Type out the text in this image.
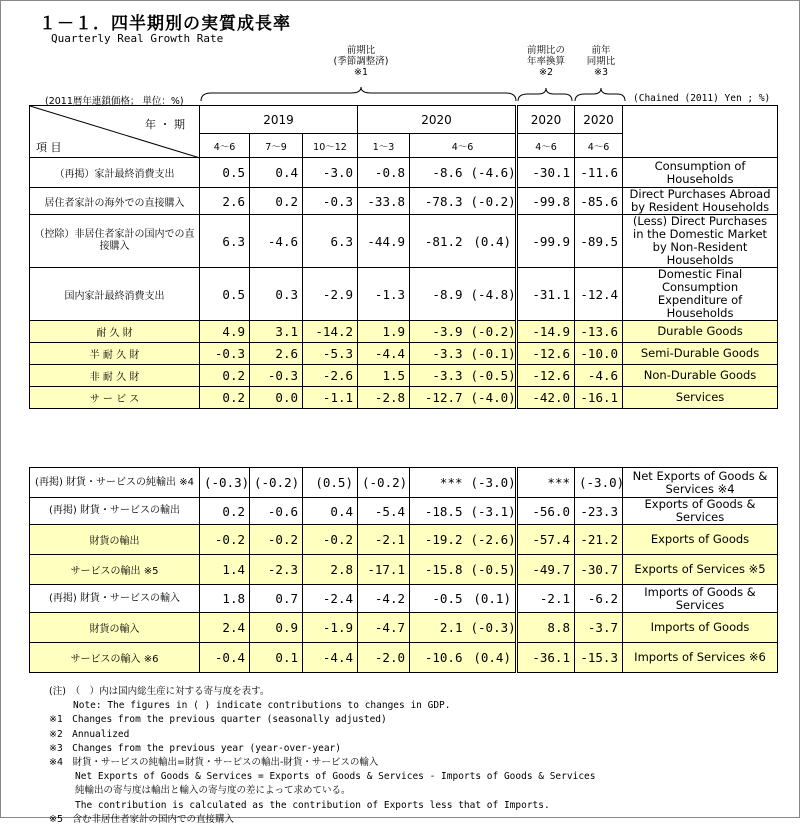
１－１．四半期別の実質成長率
Quarterly Real Growth Rate
前期比
(季節調整済)
※1
前期比の
年率換算
※2
前年
同期比
※3
(2011暦年連鎖価格； 単位：%)	(Chained (2011) Yen ; %)
年 ・ 期
項 目	2019			2020			2020	2020	
	4～6	7～9	10～12	1～3	4～6		4～6	4～6	
（再掲）家計最終消費支出	0.5	0.4	-3.0	-0.8	-8.6	(-4.6)	-30.1	-11.6	Consumption of Households
居住者家計の海外での直接購入	2.6	0.2	-0.3	-33.8	-78.3	(-0.2)	-99.8	-85.6	Direct Purchases Abroad by Resident Households
（控除）非居住者家計の国内での直接購入	6.3	-4.6	6.3	-44.9	-81.2	(0.4)	-99.9	-89.5	(Less) Direct Purchases in the Domestic Market by Non-Resident Households
国内家計最終消費支出	0.5	0.3	-2.9	-1.3	-8.9	(-4.8)	-31.1	-12.4	Domestic Final Consumption Expenditure of Households
耐 久 財	4.9	3.1	-14.2	1.9	-3.9	(-0.2)	-14.9	-13.6	Durable Goods
半 耐 久 財	-0.3	2.6	-5.3	-4.4	-3.3	(-0.1)	-12.6	-10.0	Semi-Durable Goods
非 耐 久 財	0.2	-0.3	-2.6	1.5	-3.3	(-0.5)	-12.6	-4.6	Non-Durable Goods
サ ー ビ ス	0.2	0.0	-1.1	-2.8	-12.7	(-4.0)	-42.0	-16.1	Services
(再掲) 財貨・サービスの純輸出 ※4	(-0.3)	(-0.2)	(0.5)	(-0.2)	***	(-3.0)	***	(-3.0)	Net Exports of Goods & Services ※4
(再掲) 財貨・サービスの輸出	0.2	-0.6	0.4	-5.4	-18.5	(-3.1)	-56.0	-23.3	Exports of Goods & Services
財貨の輸出	-0.2	-0.2	-0.2	-2.1	-19.2	(-2.6)	-57.4	-21.2	Exports of Goods
サービスの輸出 ※5	1.4	-2.3	2.8	-17.1	-15.8	(-0.5)	-49.7	-30.7	Exports of Services ※5
(再掲) 財貨・サービスの輸入	1.8	0.7	-2.4	-4.2	-0.5	(0.1)	-2.1	-6.2	Imports of Goods & Services
財貨の輸入	2.4	0.9	-1.9	-4.7	2.1	(-0.3)	8.8	-3.7	Imports of Goods
サービスの輸入 ※6	-0.4	0.1	-4.4	-2.0	-10.6	(0.4)	-36.1	-15.3	Imports of Services ※6
(注)　（　）内は国内総生産に対する寄与度を表す。
Note: The figures in ( ) indicate contributions to changes in GDP.
※1　Changes from the previous quarter (seasonally adjusted)
※2　Annualized
※3　Changes from the previous year (year-over-year)
※4　財貨・サービスの純輸出=財貨・サービスの輸出-財貨・サービスの輸入
Net Exports of Goods & Services = Exports of Goods & Services - Imports of Goods & Services
純輸出の寄与度は輸出と輸入の寄与度の差によって求めている。
The contribution is calculated as the contribution of Exports less that of Imports.
※5　含む非居住者家計の国内での直接購入
